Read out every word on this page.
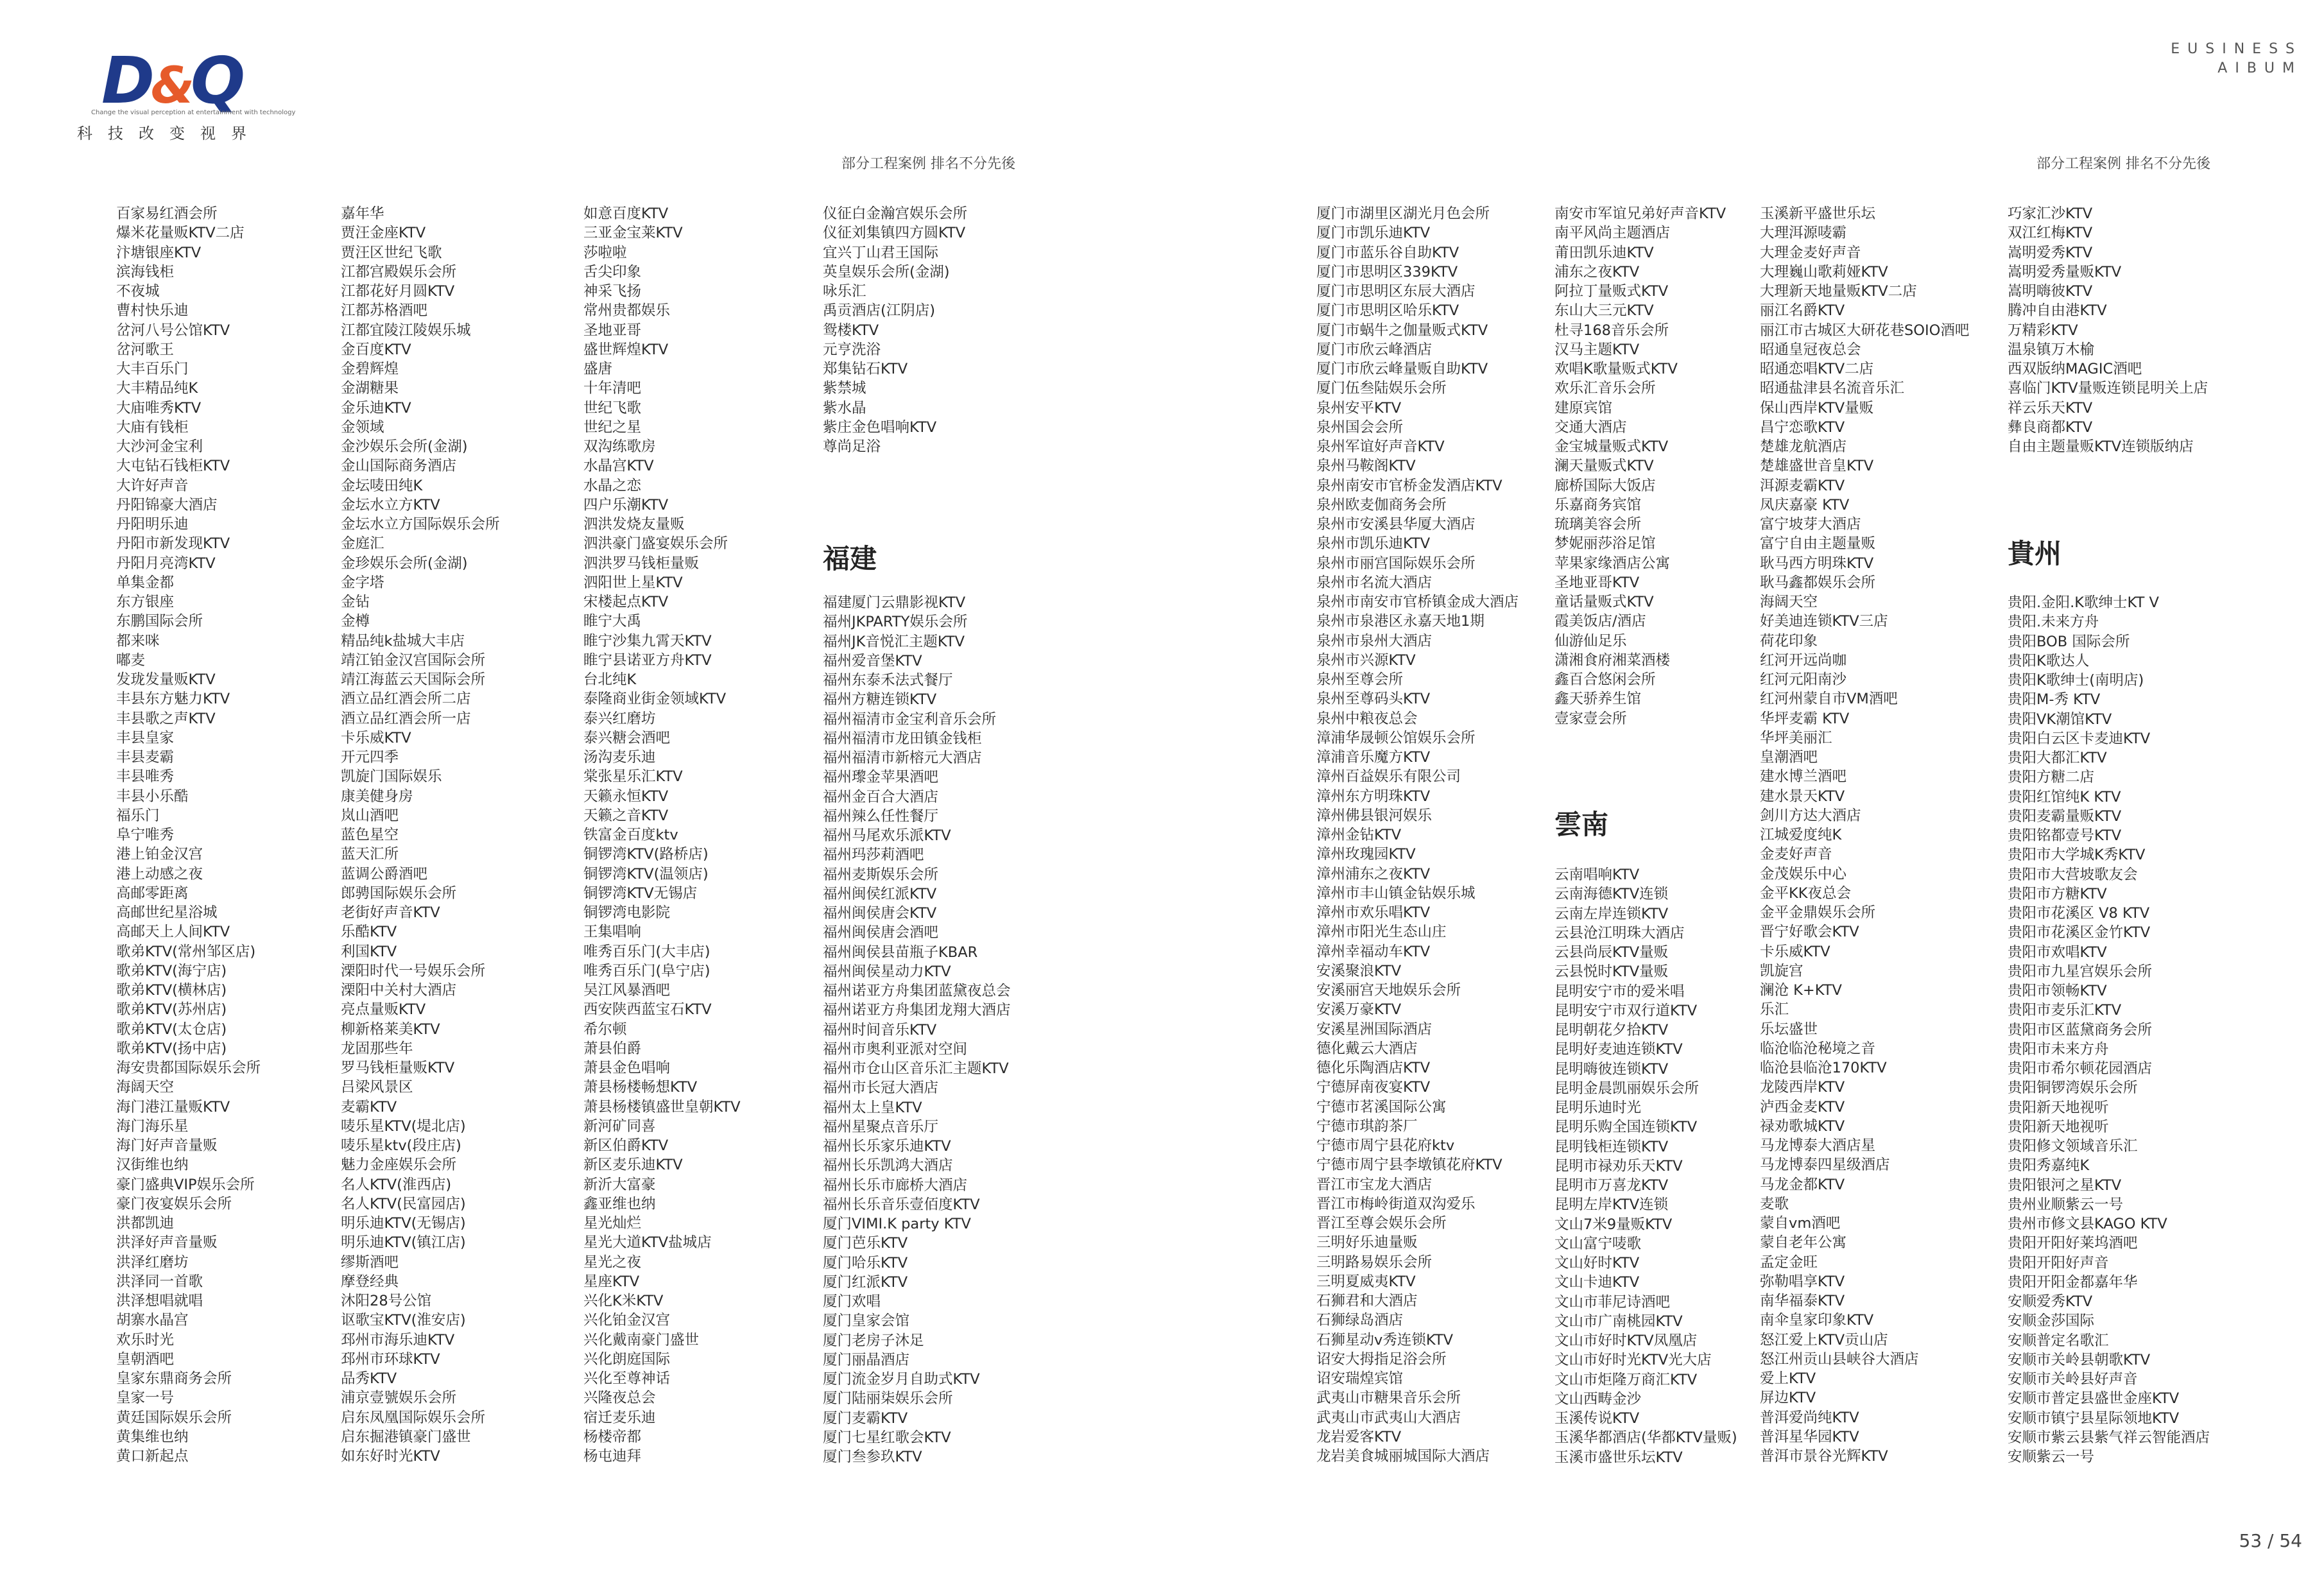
D&Q
Change the visual perception at entertainment with technology
科技改变视界
部分工程案例 排名不分先後
百家易红酒会所
爆米花量贩KTV二店
汴塘银座KTV
滨海钱柜
不夜城
曹村快乐迪
岔河八号公馆KTV
岔河歌王
大丰百乐门
大丰精品纯K
大庙唯秀KTV
大庙有钱柜
大沙河金宝利
大屯钻石钱柜KTV
大许好声音
丹阳锦豪大酒店
丹阳明乐迪
丹阳市新发现KTV
丹阳月亮湾KTV
单集金都
东方银座
东鹏国际会所
都来咪
嘟麦
发珑发量贩KTV
丰县东方魅力KTV
丰县歌之声KTV
丰县皇家
丰县麦霸
丰县唯秀
丰县小乐酷
福乐门
阜宁唯秀
港上铂金汉宫
港上动感之夜
高邮零距离
高邮世纪星浴城
高邮天上人间KTV
歌弟KTV(常州邹区店)
歌弟KTV(海宁店)
歌弟KTV(横林店)
歌弟KTV(苏州店)
歌弟KTV(太仓店)
歌弟KTV(扬中店)
海安贵都国际娱乐会所
海阔天空
海门港江量贩KTV
海门海乐星
海门好声音量贩
汉街维也纳
豪门盛典VIP娱乐会所
豪门夜宴娱乐会所
洪都凯迪
洪泽好声音量贩
洪泽红磨坊
洪泽同一首歌
洪泽想唱就唱
胡寨水晶宫
欢乐时光
皇朝酒吧
皇家东鼎商务会所
皇家一号
黄廷国际娱乐会所
黄集维也纳
黄口新起点
嘉年华
贾汪金座KTV
贾汪区世纪飞歌
江都宫殿娱乐会所
江都花好月圆KTV
江都苏格酒吧
江都宜陵江陵娱乐城
金百度KTV
金碧辉煌
金湖糖果
金乐迪KTV
金领域
金沙娱乐会所(金湖)
金山国际商务酒店
金坛唛田纯K
金坛水立方KTV
金坛水立方国际娱乐会所
金庭汇
金珍娱乐会所(金湖)
金字塔
金钻
金樽
精品纯k盐城大丰店
靖江铂金汉宫国际会所
靖江海蓝云天国际会所
酒立品红酒会所二店
酒立品红酒会所一店
卡乐威KTV
开元四季
凯旋门国际娱乐
康美健身房
岚山酒吧
蓝色星空
蓝天汇所
蓝调公爵酒吧
郎骋国际娱乐会所
老街好声音KTV
乐酷KTV
利国KTV
溧阳时代一号娱乐会所
溧阳中关村大酒店
亮点量贩KTV
柳新格莱美KTV
龙固那些年
罗马钱柜量贩KTV
吕梁风景区
麦霸KTV
唛乐星KTV(堤北店)
唛乐星ktv(段庄店)
魅力金座娱乐会所
名人KTV(淮西店)
名人KTV(民富园店)
明乐迪KTV(无锡店)
明乐迪KTV(镇江店)
缪斯酒吧
摩登经典
沐阳28号公馆
讴歌宝KTV(淮安店)
邳州市海乐迪KTV
邳州市环球KTV
品秀KTV
浦京壹號娱乐会所
启东凤凰国际娱乐会所
启东掘港镇豪门盛世
如东好时光KTV
如意百度KTV
三亚金宝莱KTV
莎啦啦
舌尖印象
神采飞扬
常州贵都娱乐
圣地亚哥
盛世辉煌KTV
盛唐
十年清吧
世纪飞歌
世纪之星
双沟练歌房
水晶宫KTV
水晶之恋
四户乐潮KTV
泗洪发烧友量贩
泗洪豪门盛宴娱乐会所
泗洪罗马钱柜量贩
泗阳世上星KTV
宋楼起点KTV
睢宁大禹
睢宁沙集九霄天KTV
睢宁县诺亚方舟KTV
台北纯K
泰隆商业街金领域KTV
泰兴红磨坊
泰兴糖会酒吧
汤沟麦乐迪
棠张星乐汇KTV
天籁永恒KTV
天籁之音KTV
铁富金百度ktv
铜锣湾KTV(路桥店)
铜锣湾KTV(温领店)
铜锣湾KTV无锡店
铜锣湾电影院
王集唱响
唯秀百乐门(大丰店)
唯秀百乐门(阜宁店)
吴江风暴酒吧
西安陕西蓝宝石KTV
希尔顿
萧县伯爵
萧县金色唱响
萧县杨楼畅想KTV
萧县杨楼镇盛世皇朝KTV
新河矿同喜
新区伯爵KTV
新区麦乐迪KTV
新沂大富豪
鑫亚维也纳
星光灿烂
星光大道KTV盐城店
星光之夜
星座KTV
兴化K米KTV
兴化铂金汉宫
兴化戴南豪门盛世
兴化朗庭国际
兴化至尊神话
兴隆夜总会
宿迁麦乐迪
杨楼帝都
杨屯迪拜
仪征白金瀚宫娱乐会所
仪征刘集镇四方圆KTV
宜兴丁山君王国际
英皇娱乐会所(金湖)
咏乐汇
禹贡酒店(江阴店)
鸳楼KTV
元亨洗浴
郑集钻石KTV
紫禁城
紫水晶
紫庄金色唱响KTV
尊尚足浴
福建
福建厦门云鼎影视KTV
福州JKPARTY娱乐会所
福州JK音悦汇主题KTV
福州爱音堡KTV
福州东泰禾法式餐厅
福州方糖连锁KTV
福州福清市金宝利音乐会所
福州福清市龙田镇金钱柜
福州福清市新榕元大酒店
福州瓈金苹果酒吧
福州金百合大酒店
福州辣么任性餐厅
福州马尾欢乐派KTV
福州玛莎莉酒吧
福州麦斯娱乐会所
福州闽侯红派KTV
福州闽侯唐会KTV
福州闽侯唐会酒吧
福州闽侯县苗瓶子KBAR
福州闽侯星动力KTV
福州诺亚方舟集团蓝黛夜总会
福州诺亚方舟集团龙翔大酒店
福州时间音乐KTV
福州市奥利亚派对空间
福州市仓山区音乐汇主题KTV
福州市长冠大酒店
福州太上皇KTV
福州星聚点音乐厅
福州长乐家乐迪KTV
福州长乐凯鸿大酒店
福州长乐市廊桥大酒店
福州长乐音乐壹佰度KTV
厦门VIMI.K party KTV
厦门芭乐KTV
厦门哈乐KTV
厦门红派KTV
厦门欢唱
厦门皇家会馆
厦门老房子沐足
厦门丽晶酒店
厦门流金岁月自助式KTV
厦门陆丽柒娱乐会所
厦门麦霸KTV
厦门七星红歌会KTV
厦门叁参玖KTV
EUSINESS
AIBUM
部分工程案例 排名不分先後
厦门市湖里区湖光月色会所
厦门市凯乐迪KTV
厦门市蓝乐谷自助KTV
厦门市思明区339KTV
厦门市思明区东辰大酒店
厦门市思明区哈乐KTV
厦门市蜗牛之伽量贩式KTV
厦门市欣云峰酒店
厦门市欣云峰量贩自助KTV
厦门伍叁陆娱乐会所
泉州安平KTV
泉州国会会所
泉州军谊好声音KTV
泉州马鞍阁KTV
泉州南安市官桥金发酒店KTV
泉州欧麦伽商务会所
泉州市安溪县华厦大酒店
泉州市凯乐迪KTV
泉州市丽宫国际娱乐会所
泉州市名流大酒店
泉州市南安市官桥镇金成大酒店
泉州市泉港区永嘉天地1期
泉州市泉州大酒店
泉州市兴源KTV
泉州至尊会所
泉州至尊码头KTV
泉州中粮夜总会
漳浦华晟顿公馆娱乐会所
漳浦音乐魔方KTV
漳州百益娱乐有限公司
漳州东方明珠KTV
漳州佛县银河娱乐
漳州金钻KTV
漳州玫瑰园KTV
漳州浦东之夜KTV
漳州市丰山镇金钻娱乐城
漳州市欢乐唱KTV
漳州市阳光生态山庄
漳州幸福动车KTV
安溪聚浪KTV
安溪丽宫天地娱乐会所
安溪万豪KTV
安溪星洲国际酒店
德化戴云大酒店
德化乐陶酒店KTV
宁德屏南夜宴KTV
宁德市茗溪国际公寓
宁德市琪韵茶厂
宁德市周宁县花府ktv
宁德市周宁县李墩镇花府KTV
晋江市宝龙大酒店
晋江市梅岭街道双沟爱乐
晋江至尊会娱乐会所
三明好乐迪量贩
三明路易娱乐会所
三明夏威夷KTV
石狮君和大酒店
石狮绿岛酒店
石狮星动v秀连锁KTV
诏安大拇指足浴会所
诏安瑞煌宾馆
武夷山市糖果音乐会所
武夷山市武夷山大酒店
龙岩爱客KTV
龙岩美食城丽城国际大酒店
南安市军谊兄弟好声音KTV
南平风尚主题酒店
莆田凯乐迪KTV
浦东之夜KTV
阿拉丁量贩式KTV
东山大三元KTV
杜寻168音乐会所
汉马主题KTV
欢唱K歌量贩式KTV
欢乐汇音乐会所
建原宾馆
交通大酒店
金宝城量贩式KTV
澜天量贩式KTV
廊桥国际大饭店
乐嘉商务宾馆
琉璃美容会所
梦妮丽莎浴足馆
苹果家缘酒店公寓
圣地亚哥KTV
童话量贩式KTV
霞美饭店/酒店
仙游仙足乐
潇湘食府湘菜酒楼
鑫百合悠闲会所
鑫天骄养生馆
壹家壹会所
雲南
云南唱响KTV
云南海德KTV连锁
云南左岸连锁KTV
云县沧江明珠大酒店
云县尚辰KTV量贩
云县悦时KTV量贩
昆明安宁市的爱米唱
昆明安宁市双行道KTV
昆明朝花夕拾KTV
昆明好麦迪连锁KTV
昆明嗨彼连锁KTV
昆明金晨凯丽娱乐会所
昆明乐迪时光
昆明乐购全国连锁KTV
昆明钱柜连锁KTV
昆明市禄劝乐天KTV
昆明市万喜龙KTV
昆明左岸KTV连锁
文山7米9量贩KTV
文山富宁唛歌
文山好时KTV
文山卡迪KTV
文山市菲尼诗酒吧
文山市广南桃园KTV
文山市好时KTV凤凰店
文山市好时光KTV光大店
文山市炬隆万商汇KTV
文山西畴金沙
玉溪传说KTV
玉溪华都酒店(华都KTV量贩)
玉溪市盛世乐坛KTV
玉溪新平盛世乐坛
大理洱源唛霸
大理金麦好声音
大理巍山歌莉娅KTV
大理新天地量贩KTV二店
丽江名爵KTV
丽江市古城区大研花巷SOIO酒吧
昭通皇冠夜总会
昭通恋唱KTV二店
昭通盐津县名流音乐汇
保山西岸KTV量贩
昌宁恋歌KTV
楚雄龙航酒店
楚雄盛世音皇KTV
洱源麦霸KTV
凤庆嘉豪 KTV
富宁坡芽大酒店
富宁自由主题量贩
耿马西方明珠KTV
耿马鑫都娱乐会所
海阔天空
好美迪连锁KTV三店
荷花印象
红河开远尚咖
红河元阳南沙
红河州蒙自市VM酒吧
华坪麦霸 KTV
华坪美丽汇
皇潮酒吧
建水博兰酒吧
建水景天KTV
剑川方达大酒店
江城爱度纯K
金麦好声音
金茂娱乐中心
金平KK夜总会
金平金鼎娱乐会所
晋宁好歌会KTV
卡乐威KTV
凯旋宫
澜沧 K+KTV
乐汇
乐坛盛世
临沧临沧秘境之音
临沧县临沧170KTV
龙陵西岸KTV
泸西金麦KTV
禄劝歌城KTV
马龙博泰大酒店星
马龙博泰四星级酒店
马龙金都KTV
麦歌
蒙自vm酒吧
蒙自老年公寓
孟定金旺
弥勒唱享KTV
南华福泰KTV
南伞皇家印象KTV
怒江爱上KTV贡山店
怒江州贡山县峡谷大酒店
爱上KTV
屏边KTV
普洱爱尚纯KTV
普洱星华园KTV
普洱市景谷光辉KTV
巧家汇沙KTV
双江红梅KTV
嵩明爱秀KTV
嵩明爱秀量贩KTV
嵩明嗨彼KTV
腾冲自由港KTV
万精彩KTV
温泉镇万木榆
西双版纳MAGIC酒吧
喜临门KTV量贩连锁昆明关上店
祥云乐天KTV
彝良商都KTV
自由主题量贩KTV连锁版纳店
貴州
贵阳.金阳.K歌绅士KT V
贵阳.未来方舟
贵阳BOB 国际会所
贵阳K歌达人
贵阳K歌绅士(南明店)
贵阳M-秀 KTV
贵阳VK潮馆KTV
贵阳白云区卡麦迪KTV
贵阳大都汇KTV
贵阳方糖二店
贵阳红馆纯K KTV
贵阳麦霸量贩KTV
贵阳铭都壹号KTV
贵阳市大学城K秀KTV
贵阳市大营坡歌友会
贵阳市方糖KTV
贵阳市花溪区 V8 KTV
贵阳市花溪区金竹KTV
贵阳市欢唱KTV
贵阳市九星宫娱乐会所
贵阳市领畅KTV
贵阳市麦乐汇KTV
贵阳市区蓝黛商务会所
贵阳市未来方舟
贵阳市希尔顿花园酒店
贵阳铜锣湾娱乐会所
贵阳新天地视听
贵阳新天地视听
贵阳修文领域音乐汇
贵阳秀嘉纯K
贵阳银河之星KTV
贵州业顺紫云一号
贵州市修文县KAGO KTV
贵阳开阳好莱坞酒吧
贵阳开阳好声音
贵阳开阳金都嘉年华
安顺爱秀KTV
安顺金莎国际
安顺普定名歌汇
安顺市关岭县朝歌KTV
安顺市关岭县好声音
安顺市普定县盛世金座KTV
安顺市镇宁县星际领地KTV
安顺市紫云县紫气祥云智能酒店
安顺紫云一号
53 / 54
